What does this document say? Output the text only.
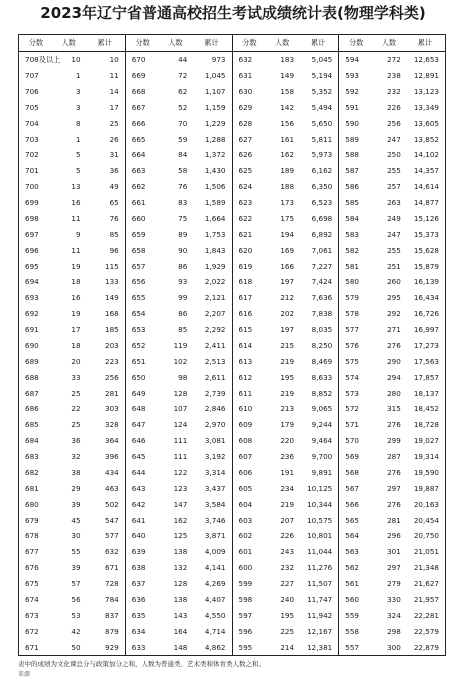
2023年辽宁省普通高校招生考试成绩统计表(物理学科类)
分数	人数	累计
708及以上	10	10
707	1	11
706	3	14
705	3	17
704	8	25
703	1	26
702	5	31
701	5	36
700	13	49
699	16	65
698	11	76
697	9	85
696	11	96
695	19	115
694	18	133
693	16	149
692	19	168
691	17	185
690	18	203
689	20	223
688	33	256
687	25	281
686	22	303
685	25	328
684	36	364
683	32	396
682	38	434
681	29	463
680	39	502
679	45	547
678	30	577
677	55	632
676	39	671
675	57	728
674	56	784
673	53	837
672	42	879
671	50	929
分数	人数	累计
670	44	973
669	72	1,045
668	62	1,107
667	52	1,159
666	70	1,229
665	59	1,288
664	84	1,372
663	58	1,430
662	76	1,506
661	83	1,589
660	75	1,664
659	89	1,753
658	90	1,843
657	86	1,929
656	93	2,022
655	99	2,121
654	86	2,207
653	85	2,292
652	119	2,411
651	102	2,513
650	98	2,611
649	128	2,739
648	107	2,846
647	124	2,970
646	111	3,081
645	111	3,192
644	122	3,314
643	123	3,437
642	147	3,584
641	162	3,746
640	125	3,871
639	138	4,009
638	132	4,141
637	128	4,269
636	138	4,407
635	143	4,550
634	164	4,714
633	148	4,862
分数	人数	累计
632	183	5,045
631	149	5,194
630	158	5,352
629	142	5,494
628	156	5,650
627	161	5,811
626	162	5,973
625	189	6,162
624	188	6,350
623	173	6,523
622	175	6,698
621	194	6,892
620	169	7,061
619	166	7,227
618	197	7,424
617	212	7,636
616	202	7,838
615	197	8,035
614	215	8,250
613	219	8,469
612	195	8,633
611	219	8,852
610	213	9,065
609	179	9,244
608	220	9,464
607	236	9,700
606	191	9,891
605	234	10,125
604	219	10,344
603	207	10,575
602	226	10,801
601	243	11,044
600	232	11,276
599	227	11,507
598	240	11,747
597	195	11,942
596	225	12,167
595	214	12,381
分数	人数	累计
594	272	12,653
593	238	12,891
592	232	13,123
591	226	13,349
590	256	13,605
589	247	13,852
588	250	14,102
587	255	14,357
586	257	14,614
585	263	14,877
584	249	15,126
583	247	15,373
582	255	15,628
581	251	15,879
580	260	16,139
579	295	16,434
578	292	16,726
577	271	16,997
576	276	17,273
575	290	17,563
574	294	17,857
573	280	18,137
572	315	18,452
571	276	18,728
570	299	19,027
569	287	19,314
568	276	19,590
567	297	19,887
566	276	20,163
565	281	20,454
564	296	20,750
563	301	21,051
562	297	21,348
561	279	21,627
560	330	21,957
559	324	22,281
558	298	22,579
557	300	22,879
表中的成绩为文化课总分与政策加分之和，人数为普通类、艺术类和体育类人数之和。
来源
